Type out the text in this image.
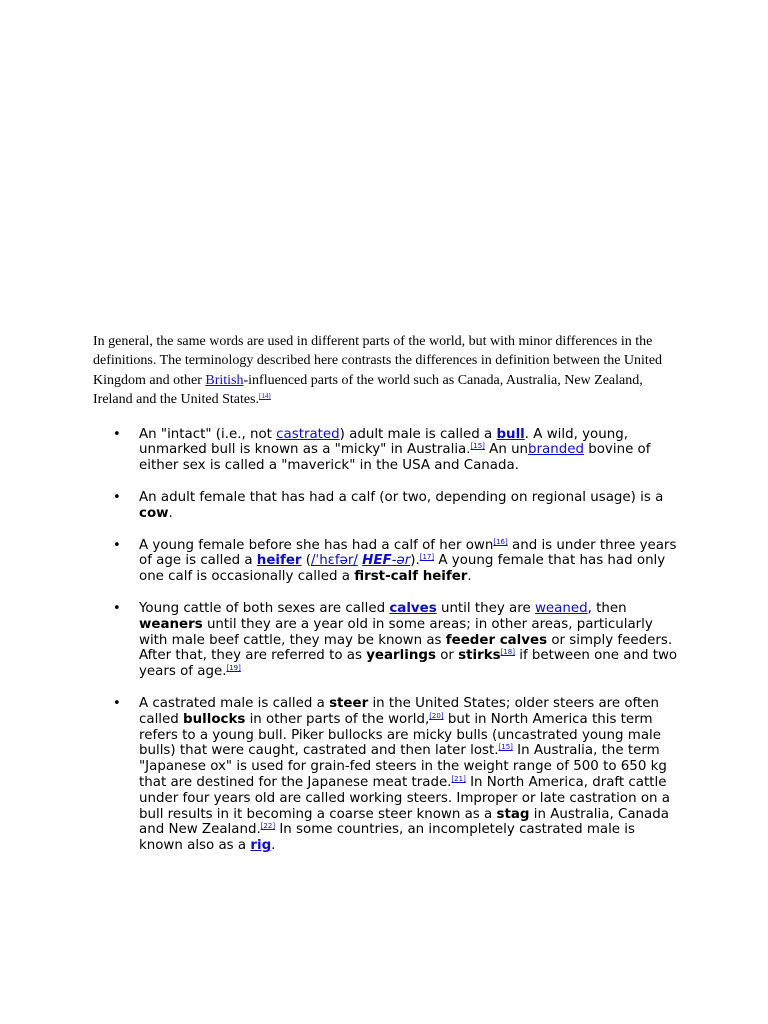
In general, the same words are used in different parts of the world, but with minor differences in the definitions. The terminology described here contrasts the differences in definition between the United Kingdom and other British-influenced parts of the world such as Canada, Australia, New Zealand, Ireland and the United States.[14]

• An "intact" (i.e., not castrated) adult male is called a bull. A wild, young, unmarked bull is known as a "micky" in Australia.[15] An unbranded bovine of either sex is called a "maverick" in the USA and Canada.
• An adult female that has had a calf (or two, depending on regional usage) is a cow.
• A young female before she has had a calf of her own[16] and is under three years of age is called a heifer (/ˈhɛfər/ HEF-ər).[17] A young female that has had only one calf is occasionally called a first-calf heifer.
• Young cattle of both sexes are called calves until they are weaned, then weaners until they are a year old in some areas; in other areas, particularly with male beef cattle, they may be known as feeder calves or simply feeders. After that, they are referred to as yearlings or stirks[18] if between one and two years of age.[19]
• A castrated male is called a steer in the United States; older steers are often called bullocks in other parts of the world,[20] but in North America this term refers to a young bull. Piker bullocks are micky bulls (uncastrated young male bulls) that were caught, castrated and then later lost.[15] In Australia, the term "Japanese ox" is used for grain-fed steers in the weight range of 500 to 650 kg that are destined for the Japanese meat trade.[21] In North America, draft cattle under four years old are called working steers. Improper or late castration on a bull results in it becoming a coarse steer known as a stag in Australia, Canada and New Zealand.[22] In some countries, an incompletely castrated male is known also as a rig.
